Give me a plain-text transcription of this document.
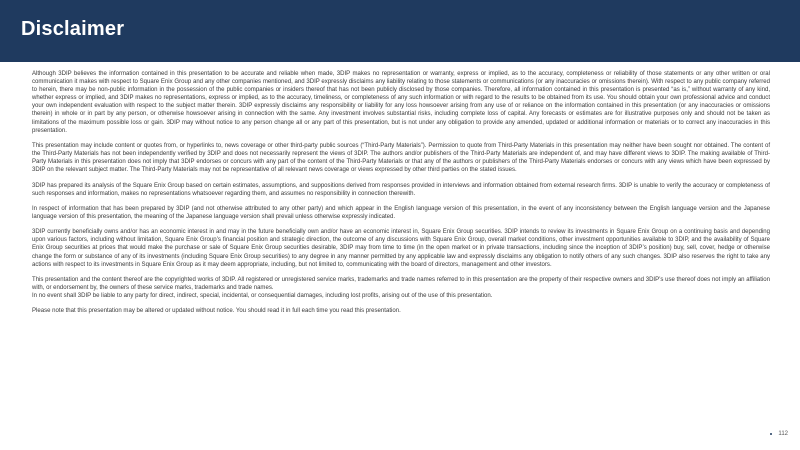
Disclaimer

Although 3DIP believes the information contained in this presentation to be accurate and reliable when made, 3DIP makes no representation or warranty, express or implied, as to the accuracy, completeness or reliability of those statements or any other written or oral communication it makes with respect to Square Enix Group and any other companies mentioned, and 3DIP expressly disclaims any liability relating to those statements or communications (or any inaccuracies or omissions therein). With respect to any public company referred to herein, there may be non-public information in the possession of the public companies or insiders thereof that has not been publicly disclosed by those companies. Therefore, all information contained in this presentation is presented “as is,” without warranty of any kind, whether express or implied, and 3DIP makes no representations, express or implied, as to the accuracy, timeliness, or completeness of any such information or with regard to the results to be obtained from its use. You should obtain your own professional advice and conduct your own independent evaluation with respect to the subject matter therein. 3DIP expressly disclaims any responsibility or liability for any loss howsoever arising from any use of or reliance on the information contained in this presentation (or any inaccuracies or omissions therein) in whole or in part by any person, or otherwise howsoever arising in connection with the same. Any investment involves substantial risks, including complete loss of capital. Any forecasts or estimates are for illustrative purposes only and should not be taken as limitations of the maximum possible loss or gain. 3DIP may without notice to any person change all or any part of this presentation, but is not under any obligation to provide any amended, updated or additional information or materials or to correct any inaccuracies in this presentation.

This presentation may include content or quotes from, or hyperlinks to, news coverage or other third-party public sources (“Third-Party Materials”). Permission to quote from Third-Party Materials in this presentation may neither have been sought nor obtained. The content of the Third-Party Materials has not been independently verified by 3DIP and does not necessarily represent the views of 3DIP. The authors and/or publishers of the Third-Party Materials are independent of, and may have different views to 3DIP. The making available of Third-Party Materials in this presentation does not imply that 3DIP endorses or concurs with any part of the content of the Third-Party Materials or that any of the authors or publishers of the Third-Party Materials endorses or concurs with any views which have been expressed by 3DIP on the relevant subject matter. The Third-Party Materials may not be representative of all relevant news coverage or views expressed by other third parties on the stated issues.

3DIP has prepared its analysis of the Square Enix Group based on certain estimates, assumptions, and suppositions derived from responses provided in interviews and information obtained from external research firms. 3DIP is unable to verify the accuracy or completeness of such responses and information, makes no representations whatsoever regarding them, and assumes no responsibility in connection therewith.

In respect of information that has been prepared by 3DIP (and not otherwise attributed to any other party) and which appear in the English language version of this presentation, in the event of any inconsistency between the English language version and the Japanese language version of this presentation, the meaning of the Japanese language version shall prevail unless otherwise expressly indicated.

3DIP currently beneficially owns and/or has an economic interest in and may in the future beneficially own and/or have an economic interest in, Square Enix Group securities. 3DIP intends to review its investments in Square Enix Group on a continuing basis and depending upon various factors, including without limitation, Square Enix Group’s financial position and strategic direction, the outcome of any discussions with Square Enix Group, overall market conditions, other investment opportunities available to 3DIP, and the availability of Square Enix Group securities at prices that would make the purchase or sale of Square Enix Group securities desirable, 3DIP may from time to time (in the open market or in private transactions, including since the inception of 3DIP’s position) buy, sell, cover, hedge or otherwise change the form or substance of any of its investments (including Square Enix Group securities) to any degree in any manner permitted by any applicable law and expressly disclaims any obligation to notify others of any such changes. 3DIP also reserves the right to take any actions with respect to its investments in Square Enix Group as it may deem appropriate, including, but not limited to, communicating with the board of directors, management and other investors.

This presentation and the content thereof are the copyrighted works of 3DIP. All registered or unregistered service marks, trademarks and trade names referred to in this presentation are the property of their respective owners and 3DIP’s use thereof does not imply an affiliation with, or endorsement by, the owners of these service marks, trademarks and trade names.

In no event shall 3DIP be liable to any party for direct, indirect, special, incidental, or consequential damages, including lost profits, arising out of the use of this presentation.

Please note that this presentation may be altered or updated without notice. You should read it in full each time you read this presentation.

112
